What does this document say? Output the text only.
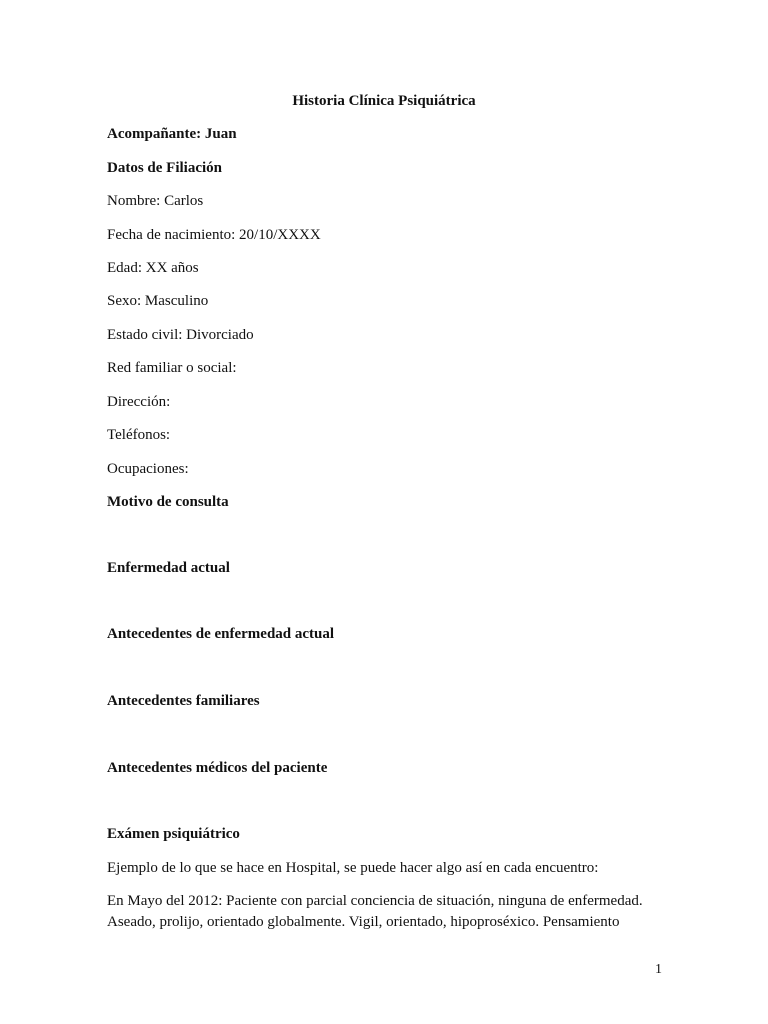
Historia Clínica Psiquiátrica
Acompañante: Juan
Datos de Filiación
Nombre: Carlos
Fecha de nacimiento: 20/10/XXXX
Edad: XX años
Sexo: Masculino
Estado civil: Divorciado
Red familiar o social:
Dirección:
Teléfonos:
Ocupaciones:
Motivo de consulta
Enfermedad actual
Antecedentes de enfermedad actual
Antecedentes familiares
Antecedentes médicos del paciente
Exámen psiquiátrico
Ejemplo de lo que se hace en Hospital, se puede hacer algo así en cada encuentro:
En Mayo del 2012: Paciente con parcial conciencia de situación, ninguna de enfermedad.
Aseado, prolijo, orientado globalmente. Vigil, orientado, hipoproséxico. Pensamiento
1
